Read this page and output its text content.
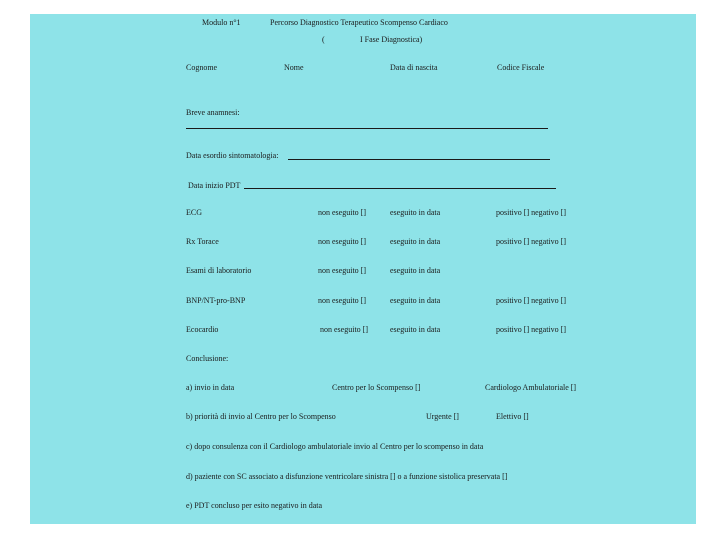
Modulo n°1	Percorso Diagnostico Terapeutico Scompenso Cardiaco
(	I Fase Diagnostica)
Cognome	Nome	Data di nascita	Codice Fiscale
Breve anamnesi:
Data esordio sintomatologia:
Data inizio PDT
ECG	non eseguito []	eseguito in data	positivo [] negativo []
Rx Torace	non eseguito []	eseguito in data	positivo [] negativo []
Esami di laboratorio	non eseguito []	eseguito in data
BNP/NT-pro-BNP	non eseguito []	eseguito in data	positivo [] negativo []
Ecocardio	non eseguito []	eseguito in data	positivo [] negativo []
Conclusione:
a) invio in data	Centro per lo Scompenso []	Cardiologo Ambulatoriale []
b) priorità di invio al Centro per lo Scompenso	Urgente []	Elettivo []
c) dopo consulenza con il Cardiologo ambulatoriale invio al Centro per lo scompenso in data
d) paziente con SC associato a disfunzione ventricolare sinistra [] o a funzione sistolica preservata []
e) PDT concluso per esito negativo in data
